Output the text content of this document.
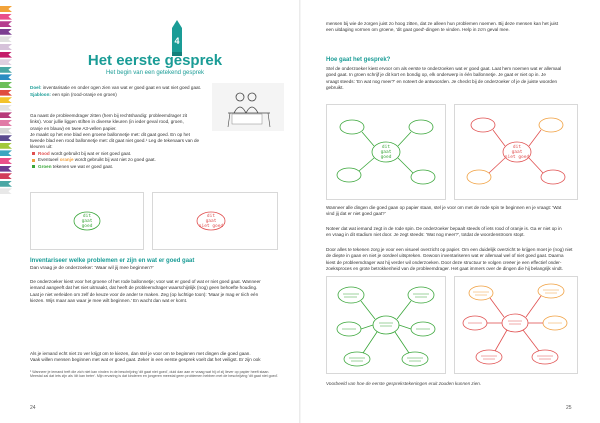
4
Het eerste gesprek
Het begin van een getekend gesprek
Doel: inventarisatie en onder ogen zien van wat er goed gaat en wat niet goed gaat.
Sjabloon: een spin (rood-oranje en groen)
Ga naast de probleemdrager zitten (hem bij rechtshandig: probleemdrager zit
links). Voor jullie liggen stiften in diverse kleuren (in ieder geval rood, groen,
oranje en blauw) en twee A3-vellen papier.
Je maakt op het ene blad een groene ballonnetje met: dit gaat goed. En op het
tweede blad een rood ballonnetje met: dit gaat niet goed.¹ Leg de tekenaars van de kleuren uit:
Rood wordt gebruikt bij wat er niet goed gaat.
Eventueel oranje wordt gebruikt bij wat niet zo goed gaat.
Groen tekenen we wat er goed gaat.
dit
gaat
goed
dit
gaat
niet goed
Inventariseer welke problemen er zijn en wat er goed gaat
Dan vraag je de onderzoeker: 'Waar wil jij mee beginnen?'
De onderzoeker kiest voor het groene of het rode ballonnetje; voor wat er goed of wat er niet goed gaat. Wanneer
iemand aangeeft dat het niet uitmaakt, dat heeft de probleemdrager waarschijnlijk (nog) geen behoefte houding.
Laat je niet verleiden om zelf de keuze voor de ander te maken. Zeg (op luchtige toon): 'Maar je mag er Iiich eén
kiezen. Wijs maar aan waar je mee wilt beginnen.' En wacht dan wat er komt.
Als je iemand echt niet zo ver krijgt om te kiezen, dan stel je voor om te beginnen met dingen die goed gaan.
Vaak willen mensen beginnen met wat er goed gaat. Zeker in een eerste gesprek voelt dat het veiligst. Er zijn ook
¹ Wanneer je iemand treft die zich niet kan vinden in de beschrijving 'dit gaat niet goed', duid dan aan er vraag wat hij of zij liever op papier heeft staan. Meestal zal dat iets zijn als 'dit kan beter'. Mijn ervaring is dat kinderen en jongeren meestal geen problemen hebben met de beschrijving 'dit gaat niet goed'.
24
mensen bij wie de zorgen juist zo hoog zitten, dat ze alleen hun problemen noemen. Bij deze mensen kan het juist
een uitdaging vormen om groene, 'dit gaat goed'-dingen te vinden. Help in zo'n geval mee.
Hoe gaat het gesprek?
Stel de onderzoeker kiest ervoor om als eerste te onderzoeken wat er goed gaat. Laat hem noemen wat er allemaal
goed gaat. In groen schrijf je dit kort en bondig op, elk onderwerp in één ballonnetje. Je gaat er niet op in. Je
vraagt steeds: 'En wat nog meer?' en noteert de antwoorden. Je checkt bij de onderzoeker of je de juiste woorden
gebruikt.
dit
gaat
goed
dit
gaat
niet goed
Wanneer alle dingen die goed gaan op papier staan, stel je voor om met de rode spin te beginnen en je vraagt: 'Wat
vind jij dat er niet goed gaat?'
Noteer dat wat iemand zegt in de rode spin. De onderzoeker bepaalt steeds of iets rood of oranje is. Ga er niet op in
en vraag in dit stadium niet door. Je zegt steeds: 'Wat nog meer?', totdat de woordenstroom stopt.
Door alles te tekenen zorg je voor een visueel overzicht op papier. Om een duidelijk overzicht te krijgen moet je (nog) niet
de diepte in gaan en niet je oordeel uitspreken. Gewoon inventariseren wat er allemaal wel of niet goed gaat. Daarna
kiest de probleemdrager wat hij verder wil onderzoeken. Door deze structuur te volgen creëer je een effectief onder-
zoeksproces en grote betrokkenheid van de probleemdrager. Het gaat immers over de dingen die hij belangrijk vindt.
Voorbeeld van hoe de eerste gesprekstekeningen eruit zouden kunnen zien.
25
